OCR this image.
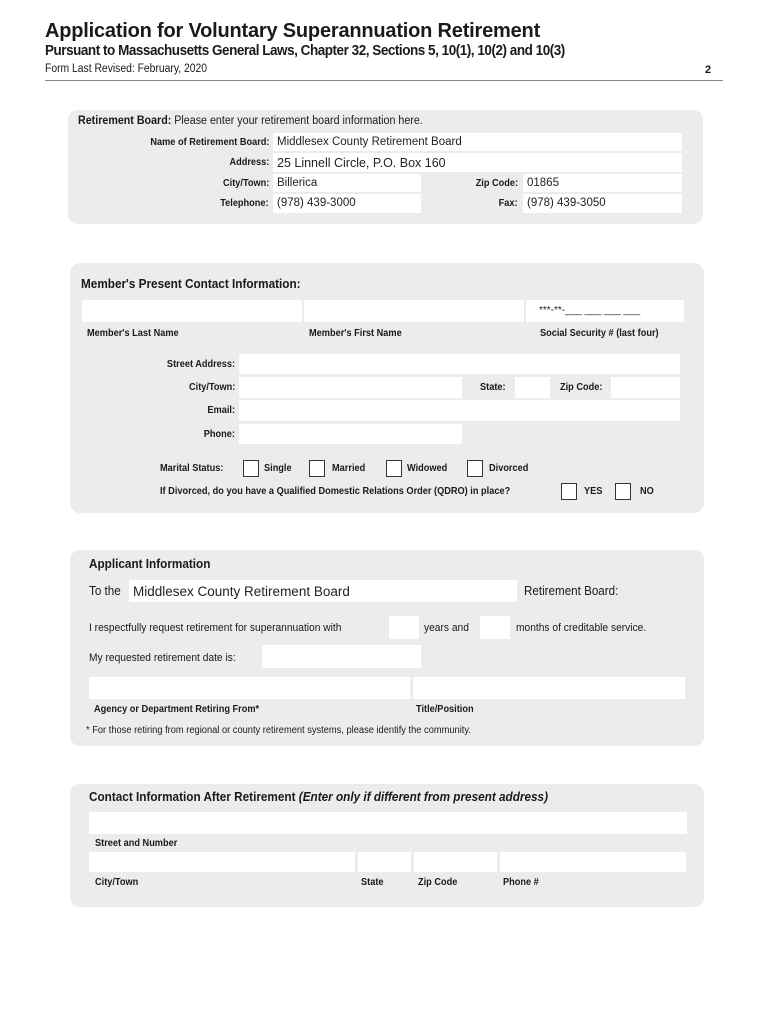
Application for Voluntary Superannuation Retirement
Pursuant to Massachusetts General Laws, Chapter 32, Sections 5, 10(1), 10(2) and 10(3)
Form Last Revised: February, 2020	2
Retirement Board: Please enter your retirement board information here.
Name of Retirement Board: Middlesex County Retirement Board
Address: 25 Linnell Circle, P.O. Box 160
City/Town: Billerica	Zip Code: 01865
Telephone: (978) 439-3000	Fax: (978) 439-3050
Member's Present Contact Information:
***-**-___ ___ ___ ___
Member's Last Name	Member's First Name	Social Security # (last four)
Street Address:
City/Town:	State:	Zip Code:
Email:
Phone:
Marital Status:	Single	Married	Widowed	Divorced
If Divorced, do you have a Qualified Domestic Relations Order (QDRO) in place?	YES	NO
Applicant Information
To the Middlesex County Retirement Board	Retirement Board:
I respectfully request retirement for superannuation with	years and	months of creditable service.
My requested retirement date is:
Agency or Department Retiring From*	Title/Position
* For those retiring from regional or county retirement systems, please identify the community.
Contact Information After Retirement (Enter only if different from present address)
Street and Number
City/Town	State	Zip Code	Phone #
